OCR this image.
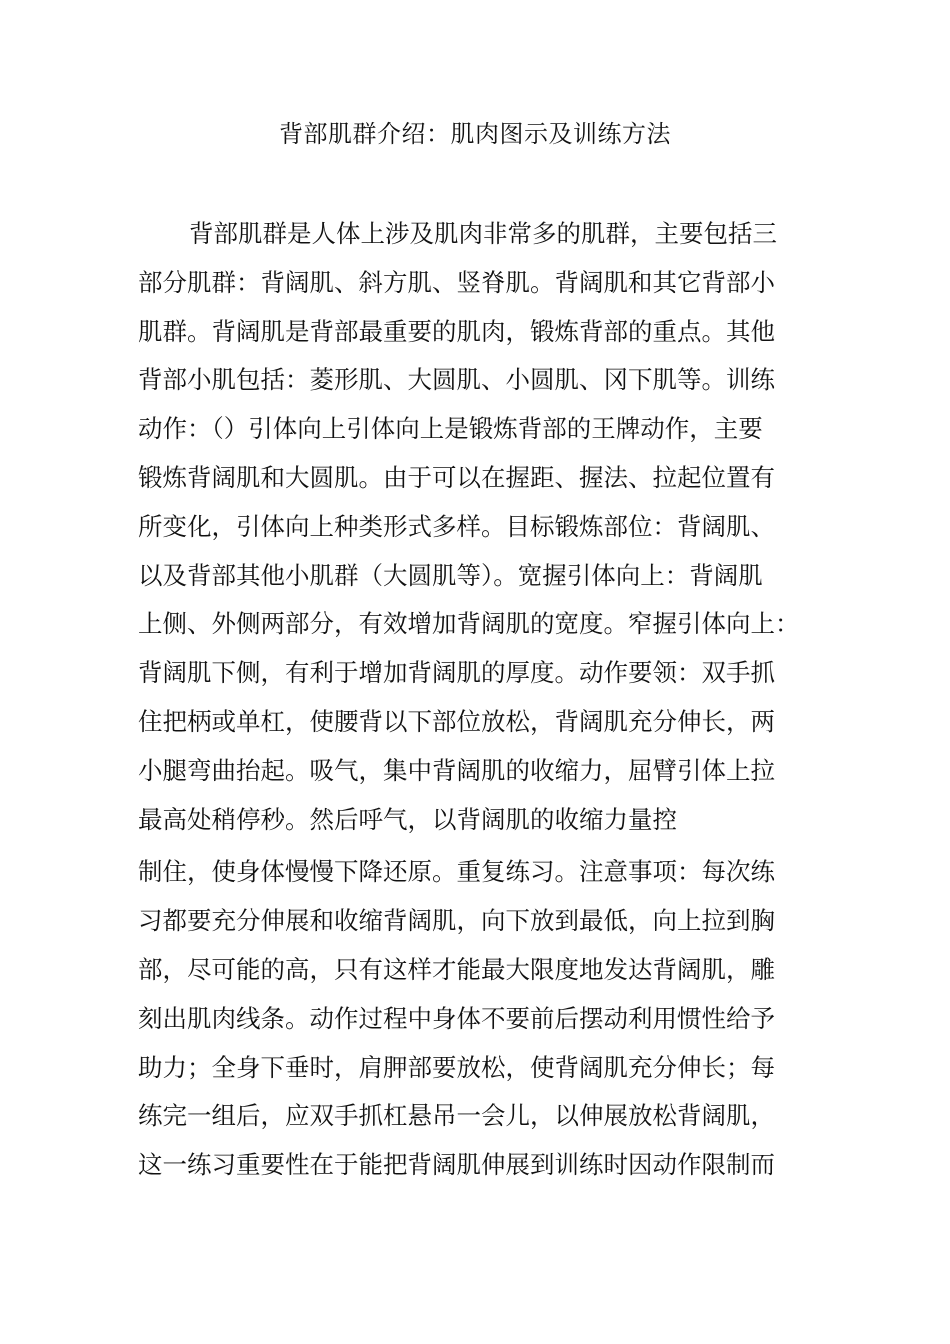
背部肌群介绍：肌肉图示及训练方法
背部肌群是人体上涉及肌肉非常多的肌群，主要包括三
部分肌群：背阔肌、斜方肌、竖脊肌。背阔肌和其它背部小
肌群。背阔肌是背部最重要的肌肉，锻炼背部的重点。其他
背部小肌包括：菱形肌、大圆肌、小圆肌、冈下肌等。训练
动作：（）引体向上引体向上是锻炼背部的王牌动作，主要
锻炼背阔肌和大圆肌。由于可以在握距、握法、拉起位置有
所变化，引体向上种类形式多样。目标锻炼部位：背阔肌、
以及背部其他小肌群（大圆肌等）。宽握引体向上：背阔肌
上侧、外侧两部分，有效增加背阔肌的宽度。窄握引体向上：
背阔肌下侧，有利于增加背阔肌的厚度。动作要领：双手抓
住把柄或单杠，使腰背以下部位放松，背阔肌充分伸长，两
小腿弯曲抬起。吸气，集中背阔肌的收缩力，屈臂引体上拉
最高处稍停秒。然后呼气，以背阔肌的收缩力量控
制住，使身体慢慢下降还原。重复练习。注意事项：每次练
习都要充分伸展和收缩背阔肌，向下放到最低，向上拉到胸
部，尽可能的高，只有这样才能最大限度地发达背阔肌，雕
刻出肌肉线条。动作过程中身体不要前后摆动利用惯性给予
助力；全身下垂时，肩胛部要放松，使背阔肌充分伸长；每
练完一组后，应双手抓杠悬吊一会儿，以伸展放松背阔肌，
这一练习重要性在于能把背阔肌伸展到训练时因动作限制而
